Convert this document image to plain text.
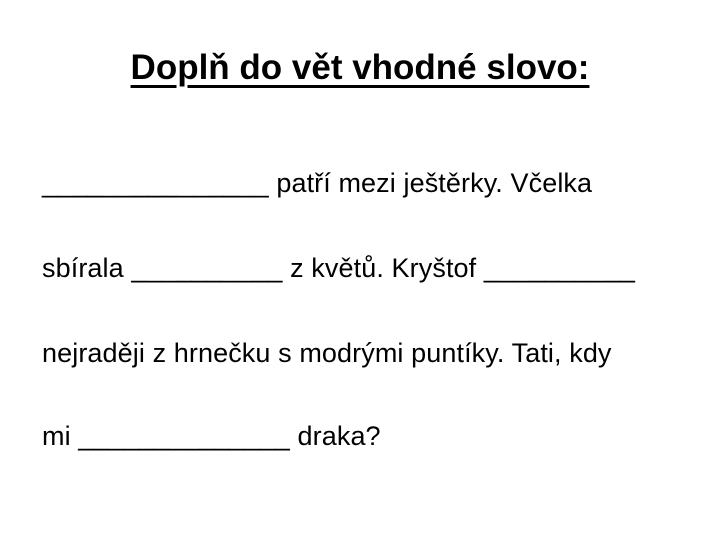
Doplň do vět vhodné slovo:
_______________ patří mezi ještěrky. Včelka
sbírala __________ z květů. Kryštof __________
nejraději z hrnečku s modrými puntíky. Tati, kdy
mi ______________ draka?
